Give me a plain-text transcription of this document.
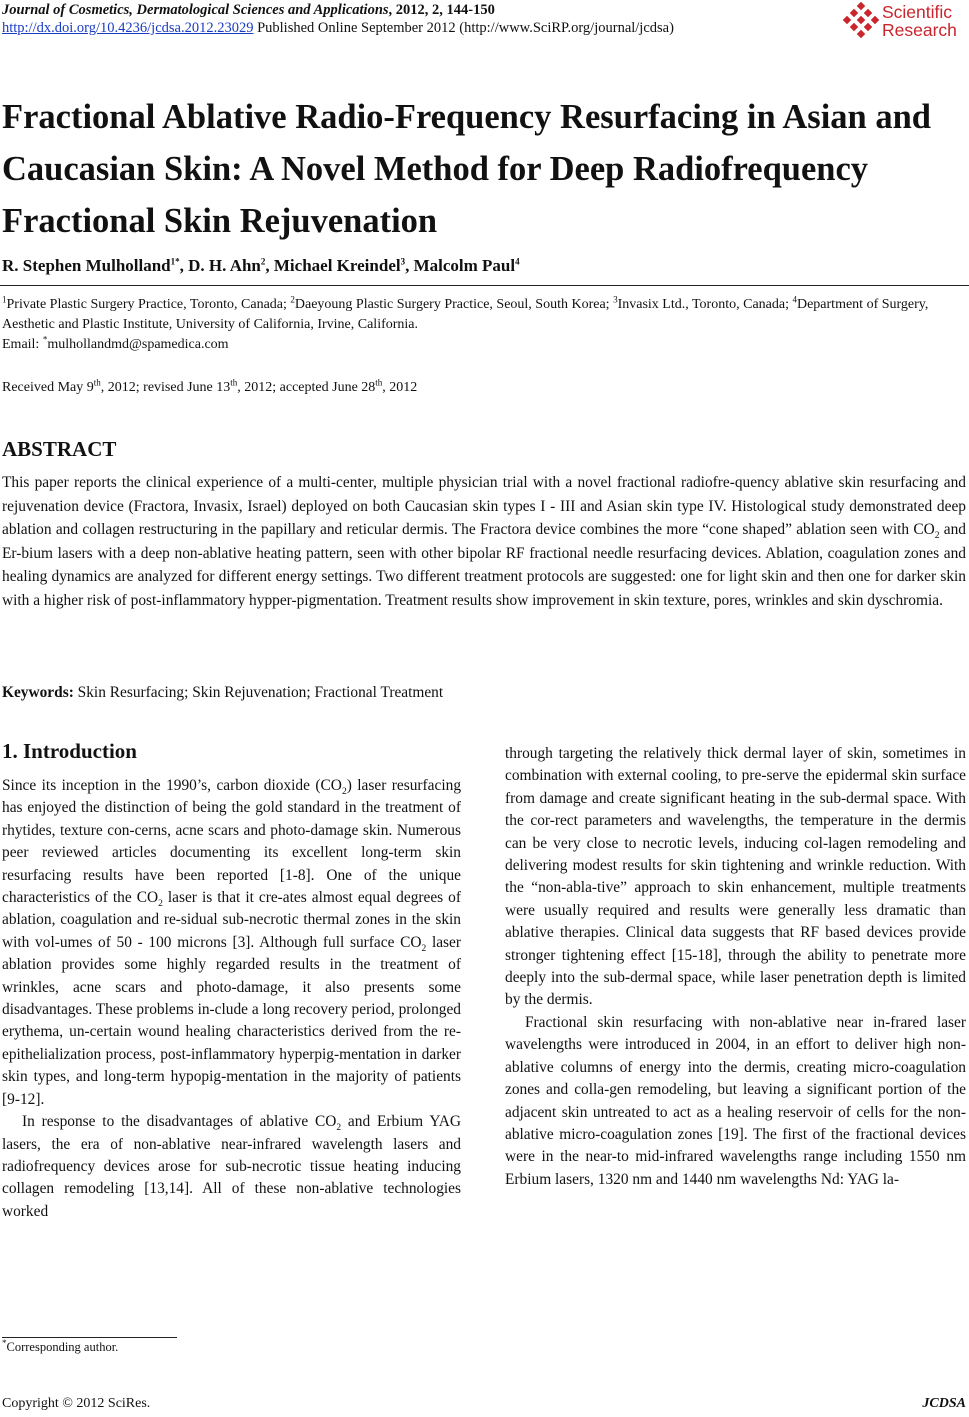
Journal of Cosmetics, Dermatological Sciences and Applications, 2012, 2, 144-150
http://dx.doi.org/10.4236/jcdsa.2012.23029 Published Online September 2012 (http://www.SciRP.org/journal/jcdsa)
Scientific
Research
Fractional Ablative Radio-Frequency Resurfacing in Asian and Caucasian Skin: A Novel Method for Deep Radiofrequency Fractional Skin Rejuvenation
R. Stephen Mulholland$^{1*}$, D. H. Ahn$^2$, Michael Kreindel$^3$, Malcolm Paul$^4$
$^1$Private Plastic Surgery Practice, Toronto, Canada; $^2$Daeyoung Plastic Surgery Practice, Seoul, South Korea; $^3$Invasix Ltd., Toronto, Canada; $^4$Department of Surgery, Aesthetic and Plastic Institute, University of California, Irvine, California.
Email: *mulhollandmd@spamedica.com
Received May 9th, 2012; revised June 13th, 2012; accepted June 28th, 2012
ABSTRACT

This paper reports the clinical experience of a multi-center, multiple physician trial with a novel fractional radiofre-quency ablative skin resurfacing and rejuvenation device (Fractora, Invasix, Israel) deployed on both Caucasian skin types I - III and Asian skin type IV. Histological study demonstrated deep ablation and collagen restructuring in the papillary and reticular dermis. The Fractora device combines the more “cone shaped” ablation seen with $CO_2$ and Er-bium lasers with a deep non-ablative heating pattern, seen with other bipolar RF fractional needle resurfacing devices. Ablation, coagulation zones and healing dynamics are analyzed for different energy settings. Two different treatment protocols are suggested: one for light skin and then one for darker skin with a higher risk of post-inflammatory hypper-pigmentation. Treatment results show improvement in skin texture, pores, wrinkles and skin dyschromia.

Keywords: Skin Resurfacing; Skin Rejuvenation; Fractional Treatment
1. Introduction

Since its inception in the 1990’s, carbon dioxide $(CO_2)$ laser resurfacing has enjoyed the distinction of being the gold standard in the treatment of rhytides, texture con-cerns, acne scars and photo-damage skin. Numerous peer reviewed articles documenting its excellent long-term skin resurfacing results have been reported [1-8]. One of the unique characteristics of the $CO_2$ laser is that it cre-ates almost equal degrees of ablation, coagulation and re-sidual sub-necrotic thermal zones in the skin with vol-umes of 50 - 100 microns [3]. Although full surface $CO_2$ laser ablation provides some highly regarded results in the treatment of wrinkles, acne scars and photo-damage, it also presents some disadvantages. These problems in-clude a long recovery period, prolonged erythema, un-certain wound healing characteristics derived from the re-epithelialization process, post-inflammatory hyperpig-mentation in darker skin types, and long-term hypopig-mentation in the majority of patients [9-12].

In response to the disadvantages of ablative $CO_2$ and Erbium YAG lasers, the era of non-ablative near-infrared wavelength lasers and radiofrequency devices arose for sub-necrotic tissue heating inducing collagen remodeling [13,14]. All of these non-ablative technologies worked

through targeting the relatively thick dermal layer of skin, sometimes in combination with external cooling, to pre-serve the epidermal skin surface from damage and create significant heating in the sub-dermal space. With the cor-rect parameters and wavelengths, the temperature in the dermis can be very close to necrotic levels, inducing col-lagen remodeling and delivering modest results for skin tightening and wrinkle reduction. With the “non-abla-tive” approach to skin enhancement, multiple treatments were usually required and results were generally less dramatic than ablative therapies. Clinical data suggests that RF based devices provide stronger tightening effect [15-18], through the ability to penetrate more deeply into the sub-dermal space, while laser penetration depth is limited by the dermis.

Fractional skin resurfacing with non-ablative near in-frared laser wavelengths were introduced in 2004, in an effort to deliver high non-ablative columns of energy into the dermis, creating micro-coagulation zones and colla-gen remodeling, but leaving a significant portion of the adjacent skin untreated to act as a healing reservoir of cells for the non-ablative micro-coagulation zones [19]. The first of the fractional devices were in the near-to mid-infrared wavelengths range including 1550 nm Erbium lasers, 1320 nm and 1440 nm wavelengths Nd: YAG la-

*Corresponding author.
Copyright © 2012 SciRes.	JCDSA
